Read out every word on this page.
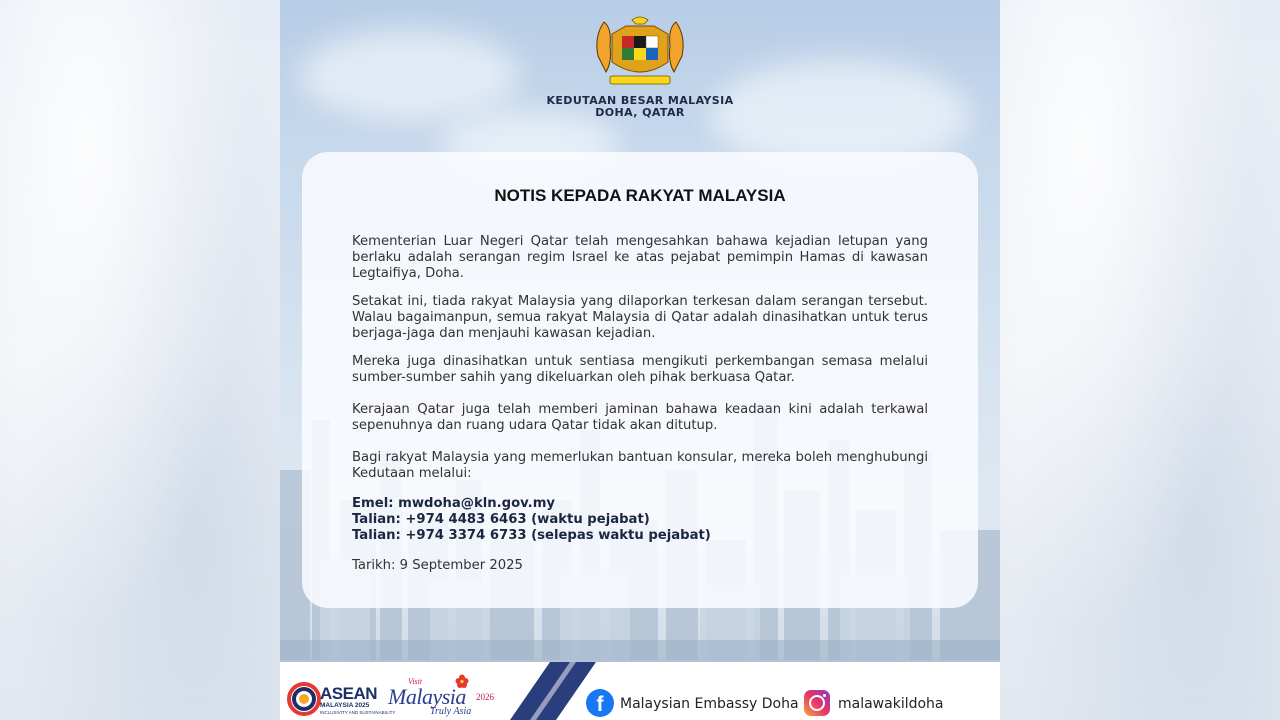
KEDUTAAN BESAR MALAYSIA
DOHA, QATAR
NOTIS KEPADA RAKYAT MALAYSIA

Kementerian Luar Negeri Qatar telah mengesahkan bahawa kejadian letupan yang berlaku adalah serangan regim Israel ke atas pejabat pemimpin Hamas di kawasan Legtaifiya, Doha.

Setakat ini, tiada rakyat Malaysia yang dilaporkan terkesan dalam serangan tersebut. Walau bagaimanpun, semua rakyat Malaysia di Qatar adalah dinasihatkan untuk terus berjaga-jaga dan menjauhi kawasan kejadian.

Mereka juga dinasihatkan untuk sentiasa mengikuti perkembangan semasa melalui sumber-sumber sahih yang dikeluarkan oleh pihak berkuasa Qatar.

Kerajaan Qatar juga telah memberi jaminan bahawa keadaan kini adalah terkawal sepenuhnya dan ruang udara Qatar tidak akan ditutup.

Bagi rakyat Malaysia yang memerlukan bantuan konsular, mereka boleh menghubungi Kedutaan melalui:

Emel: mwdoha@kln.gov.my
Talian: +974 4483 6463 (waktu pejabat)
Talian: +974 3374 6733 (selepas waktu pejabat)
Tarikh: 9 September 2025
ASEAN
MALAYSIA 2025
INCLUSIVITY AND SUSTAINABILITY
Visit
Malaysia 2026
Truly Asia	f	Malaysian Embassy Doha	malawakildoha
